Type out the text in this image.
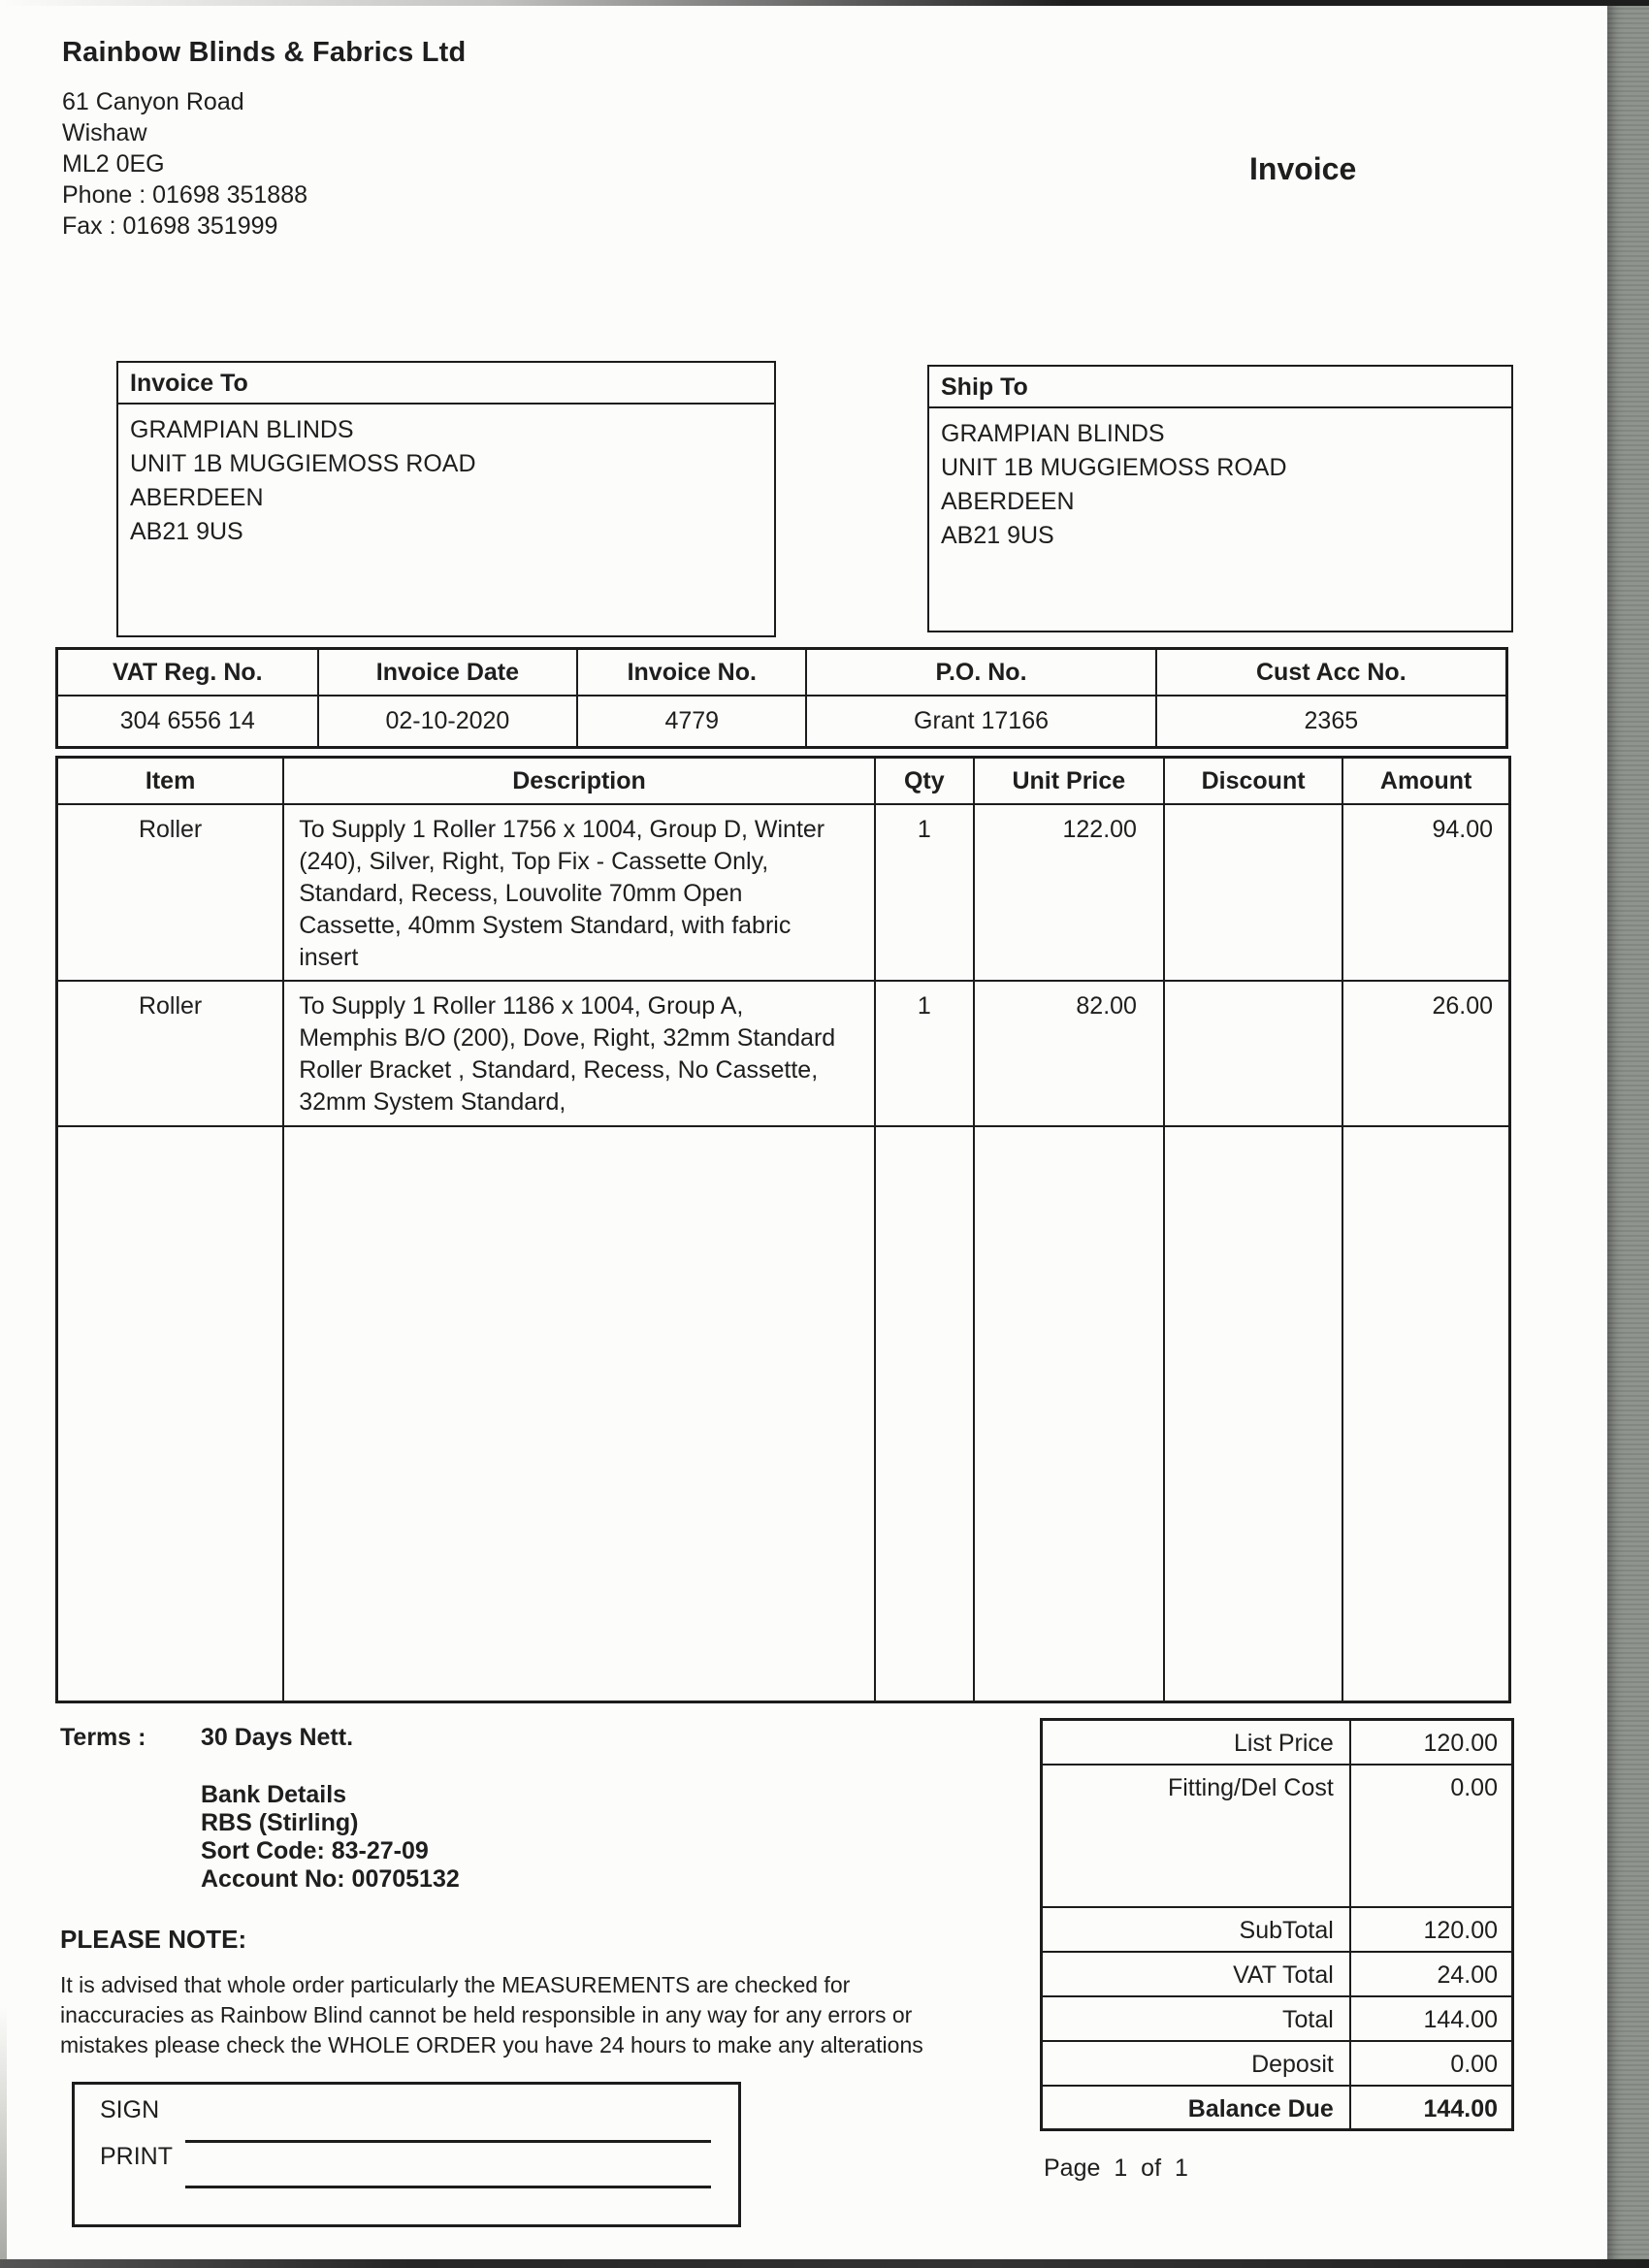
Rainbow Blinds & Fabrics Ltd
61 Canyon Road
Wishaw
ML2 0EG
Phone : 01698 351888
Fax : 01698 351999
Invoice
Invoice To
GRAMPIAN BLINDS
UNIT 1B MUGGIEMOSS ROAD
ABERDEEN
AB21 9US
Ship To
GRAMPIAN BLINDS
UNIT 1B MUGGIEMOSS ROAD
ABERDEEN
AB21 9US
VAT Reg. No.	Invoice Date	Invoice No.	P.O. No.	Cust Acc No.
304 6556 14	02-10-2020	4779	Grant 17166	2365
Item	Description	Qty	Unit Price	Discount	Amount
Roller	To Supply 1 Roller 1756 x 1004, Group D, Winter (240), Silver, Right, Top Fix - Cassette Only, Standard, Recess, Louvolite 70mm Open Cassette, 40mm System Standard, with fabric insert	1	122.00		94.00
Roller	To Supply 1 Roller 1186 x 1004, Group A, Memphis B/O (200), Dove, Right, 32mm Standard Roller Bracket , Standard, Recess, No Cassette, 32mm System Standard,	1	82.00		26.00

Terms : 30 Days Nett.
Bank Details
RBS (Stirling)
Sort Code: 83-27-09
Account No: 00705132
PLEASE NOTE:
It is advised that whole order particularly the MEASUREMENTS are checked for inaccuracies as Rainbow Blind cannot be held responsible in any way for any errors or mistakes please check the WHOLE ORDER you have 24 hours to make any alterations
List Price	120.00
Fitting/Del Cost	0.00
SubTotal	120.00
VAT Total	24.00
Total	144.00
Deposit	0.00
Balance Due	144.00
SIGN
PRINT	Page 1 of 1
